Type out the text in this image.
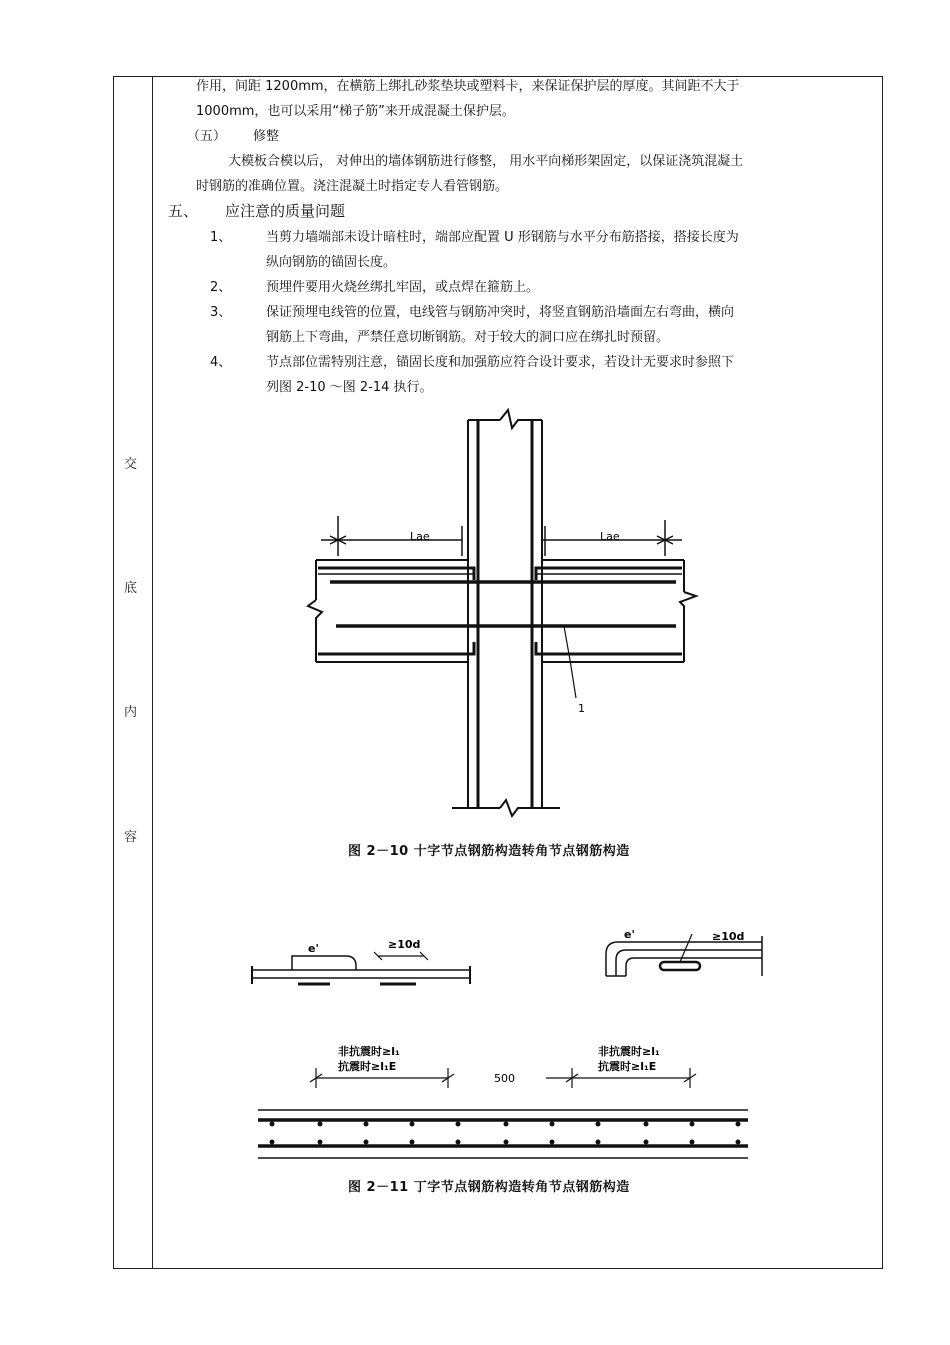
交
底
内
容
作用，间距 1200mm，在横筋上绑扎砂浆垫块或塑料卡，来保证保护层的厚度。其间距不大于
1000mm，也可以采用“梯子筋”来开成混凝土保护层。
（五） 修整
大模板合模以后， 对伸出的墙体钢筋进行修整， 用水平向梯形架固定，以保证浇筑混凝土
时钢筋的准确位置。浇注混凝土时指定专人看管钢筋。
五、 应注意的质量问题
1、	当剪力墙端部未设计暗柱时，端部应配置 U 形钢筋与水平分布筋搭接，搭接长度为
纵向钢筋的锚固长度。
2、	预埋件要用火烧丝绑扎牢固，或点焊在箍筋上。
3、	保证预埋电线管的位置，电线管与钢筋冲突时，将竖直钢筋沿墙面左右弯曲，横向
钢筋上下弯曲，严禁任意切断钢筋。对于较大的洞口应在绑扎时预留。
4、	节点部位需特别注意，锚固长度和加强筋应符合设计要求，若设计无要求时参照下
列图 2-10 ～图 2-14 执行。
Lae	Lae
1
图 2－10 十字节点钢筋构造转角节点钢筋构造
e'	≥10d
e'	≥10d
非抗震时≥l₁
抗震时≥l₁E
500
非抗震时≥l₁
抗震时≥l₁E
图 2－11 丁字节点钢筋构造转角节点钢筋构造
